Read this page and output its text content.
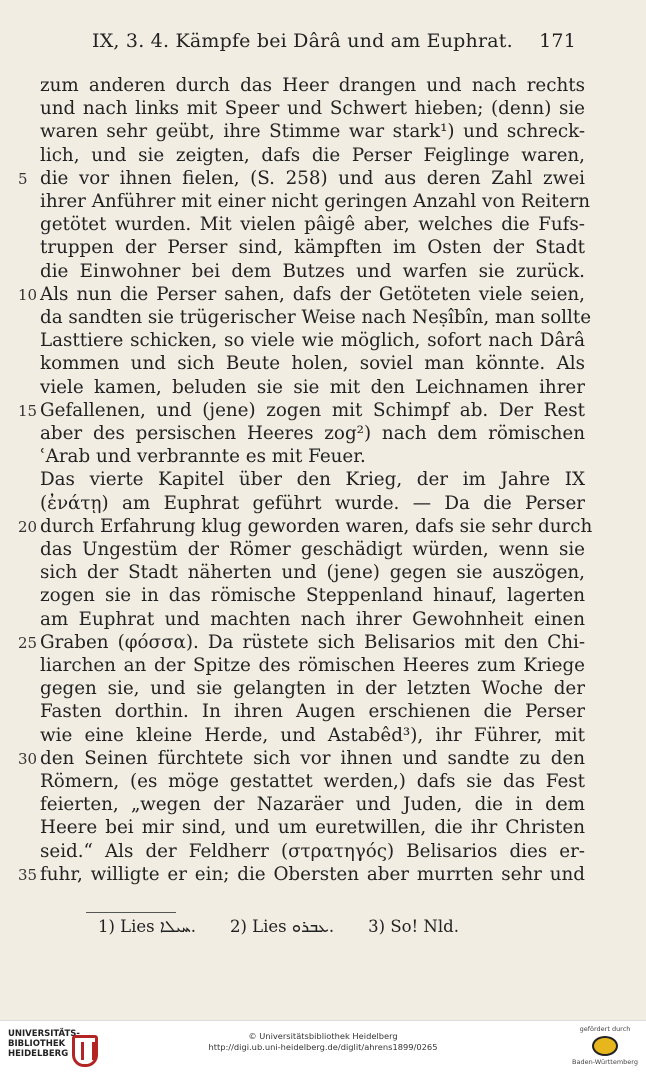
IX, 3. 4. Kämpfe bei Dârâ und am Euphrat. 171
zum anderen durch das Heer drangen und nach rechts
und nach links mit Speer und Schwert hieben; (denn) sie
waren sehr geübt, ihre Stimme war stark¹) und schreck-
lich, und sie zeigten, dafs die Perser Feiglinge waren,
5 die vor ihnen fielen, (S. 258) und aus deren Zahl zwei
ihrer Anführer mit einer nicht geringen Anzahl von Reitern
getötet wurden. Mit vielen pâigê aber, welches die Fufs-
truppen der Perser sind, kämpften im Osten der Stadt
die Einwohner bei dem Butzes und warfen sie zurück.
10 Als nun die Perser sahen, dafs der Getöteten viele seien,
da sandten sie trügerischer Weise nach Neṣîbîn, man sollte
Lasttiere schicken, so viele wie möglich, sofort nach Dârâ
kommen und sich Beute holen, soviel man könnte. Als
viele kamen, beluden sie sie mit den Leichnamen ihrer
15 Gefallenen, und (jene) zogen mit Schimpf ab. Der Rest
aber des persischen Heeres zog²) nach dem römischen
ʿArab und verbrannte es mit Feuer.
Das vierte Kapitel über den Krieg, der im Jahre IX
(ἐνάτῃ) am Euphrat geführt wurde. — Da die Perser
20 durch Erfahrung klug geworden waren, dafs sie sehr durch
das Ungestüm der Römer geschädigt würden, wenn sie
sich der Stadt näherten und (jene) gegen sie auszögen,
zogen sie in das römische Steppenland hinauf, lagerten
am Euphrat und machten nach ihrer Gewohnheit einen
25 Graben (φόσσα). Da rüstete sich Belisarios mit den Chi-
liarchen an der Spitze des römischen Heeres zum Kriege
gegen sie, und sie gelangten in der letzten Woche der
Fasten dorthin. In ihren Augen erschienen die Perser
wie eine kleine Herde, und Astabêd³), ihr Führer, mit
30 den Seinen fürchtete sich vor ihnen und sandte zu den
Römern, (es möge gestattet werden,) dafs sie das Fest
feierten, „wegen der Nazaräer und Juden, die in dem
Heere bei mir sind, und um euretwillen, die ihr Christen
seid.“ Als der Feldherr (στρατηγός) Belisarios dies er-
35 fuhr, willigte er ein; die Obersten aber murrten sehr und
1) Lies ܚܝܠܐ. 2) Lies ܥܒܪܘ. 3) So! Nld.
UNIVERSITÄTS-BIBLIOTHEK HEIDELBERG
© Universitätsbibliothek Heidelberg
http://digi.ub.uni-heidelberg.de/diglit/ahrens1899/0265
gefördert durch
Baden-Württemberg
